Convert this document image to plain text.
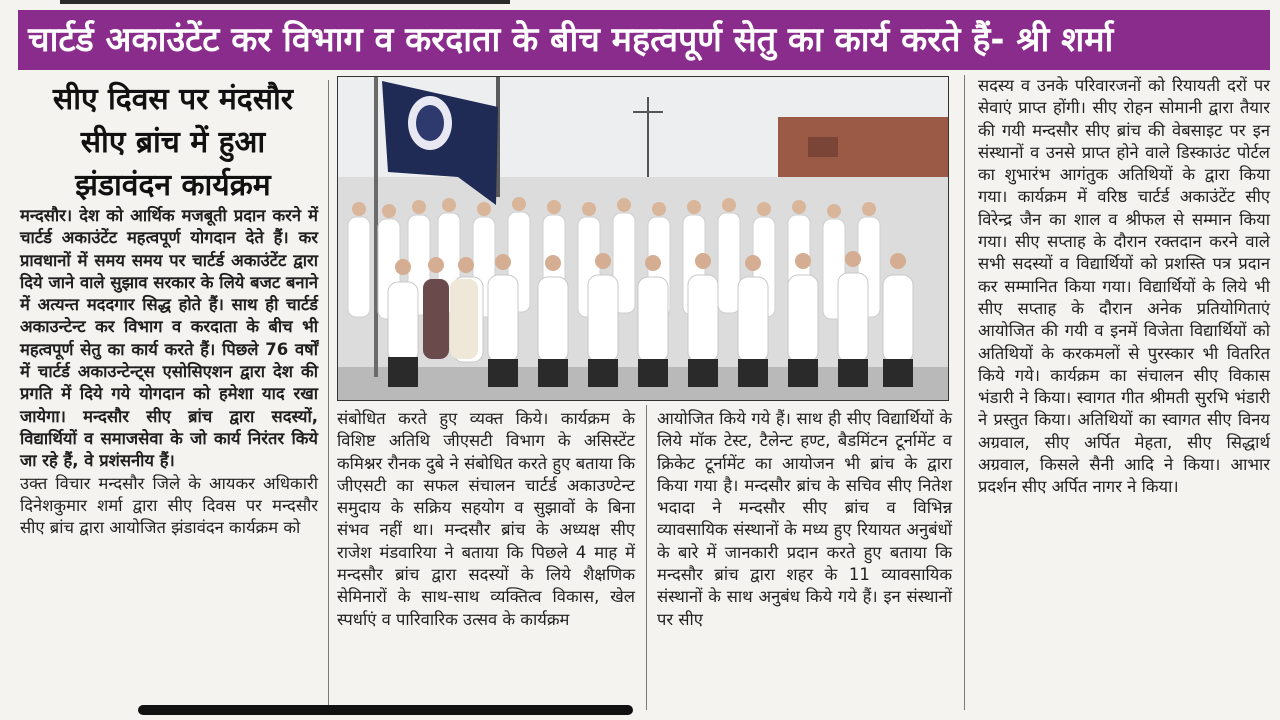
चार्टर्ड अकाउंटेंट कर विभाग व करदाता के बीच महत्वपूर्ण सेतु का कार्य करते हैं- श्री शर्मा
सीए दिवस पर मंदसौर
सीए ब्रांच में हुआ
झंडावंदन कार्यक्रम

मन्दसौर। देश को आर्थिक मजबूती प्रदान करने में चार्टर्ड अकाउंटेंट महत्वपूर्ण योगदान देते हैं। कर प्रावधानों में समय समय पर चार्टर्ड अकाउंटेंट द्वारा दिये जाने वाले सुझाव सरकार के लिये बजट बनाने में अत्यन्त मददगार सिद्ध होते हैं। साथ ही चार्टर्ड अकाउन्टेन्ट कर विभाग व करदाता के बीच भी महत्वपूर्ण सेतु का कार्य करते हैं। पिछले 76 वर्षों में चार्टर्ड अकाउन्टेन्ट्स एसोसिएशन द्वारा देश की प्रगति में दिये गये योगदान को हमेशा याद रखा जायेगा। मन्दसौर सीए ब्रांच द्वारा सदस्यों, विद्यार्थियों व समाजसेवा के जो कार्य निरंतर किये जा रहे हैं, वे प्रशंसनीय हैं।

उक्त विचार मन्दसौर जिले के आयकर अधिकारी दिनेशकुमार शर्मा द्वारा सीए दिवस पर मन्दसौर सीए ब्रांच द्वारा आयोजित झंडावंदन कार्यक्रम को

संबोधित करते हुए व्यक्त किये। कार्यक्रम के विशिष्ट अतिथि जीएसटी विभाग के असिस्टेंट कमिश्नर रौनक दुबे ने संबोधित करते हुए बताया कि जीएसटी का सफल संचालन चार्टर्ड अकाउण्टेन्ट समुदाय के सक्रिय सहयोग व सुझावों के बिना संभव नहीं था। मन्दसौर ब्रांच के अध्यक्ष सीए राजेश मंडवारिया ने बताया कि पिछले 4 माह में मन्दसौर ब्रांच द्वारा सदस्यों के लिये शैक्षणिक सेमिनारों के साथ-साथ व्यक्तित्व विकास, खेल स्पर्धाएं व पारिवारिक उत्सव के कार्यक्रम

आयोजित किये गये हैं। साथ ही सीए विद्यार्थियों के लिये मॉक टेस्ट, टैलेन्ट हण्ट, बैडमिंटन टूर्नामेंट व क्रिकेट टूर्नामेंट का आयोजन भी ब्रांच के द्वारा किया गया है। मन्दसौर ब्रांच के सचिव सीए नितेश भदादा ने मन्दसौर सीए ब्रांच व विभिन्न व्यावसायिक संस्थानों के मध्य हुए रियायत अनुबंधों के बारे में जानकारी प्रदान करते हुए बताया कि मन्दसौर ब्रांच द्वारा शहर के 11 व्यावसायिक संस्थानों के साथ अनुबंध किये गये हैं। इन संस्थानों पर सीए

सदस्य व उनके परिवारजनों को रियायती दरों पर सेवाएं प्राप्त होंगी। सीए रोहन सोमानी द्वारा तैयार की गयी मन्दसौर सीए ब्रांच की वेबसाइट पर इन संस्थानों व उनसे प्राप्त होने वाले डिस्काउंट पोर्टल का शुभारंभ आगंतुक अतिथियों के द्वारा किया गया। कार्यक्रम में वरिष्ठ चार्टर्ड अकाउंटेंट सीए विरेन्द्र जैन का शाल व श्रीफल से सम्मान किया गया। सीए सप्ताह के दौरान रक्तदान करने वाले सभी सदस्यों व विद्यार्थियों को प्रशस्ति पत्र प्रदान कर सम्मानित किया गया। विद्यार्थियों के लिये भी सीए सप्ताह के दौरान अनेक प्रतियोगिताएं आयोजित की गयी व इनमें विजेता विद्यार्थियों को अतिथियों के करकमलों से पुरस्कार भी वितरित किये गये। कार्यक्रम का संचालन सीए विकास भंडारी ने किया। स्वागत गीत श्रीमती सुरभि भंडारी ने प्रस्तुत किया। अतिथियों का स्वागत सीए विनय अग्रवाल, सीए अर्पित मेहता, सीए सिद्धार्थ अग्रवाल, किसले सैनी आदि ने किया। आभार प्रदर्शन सीए अर्पित नागर ने किया।
